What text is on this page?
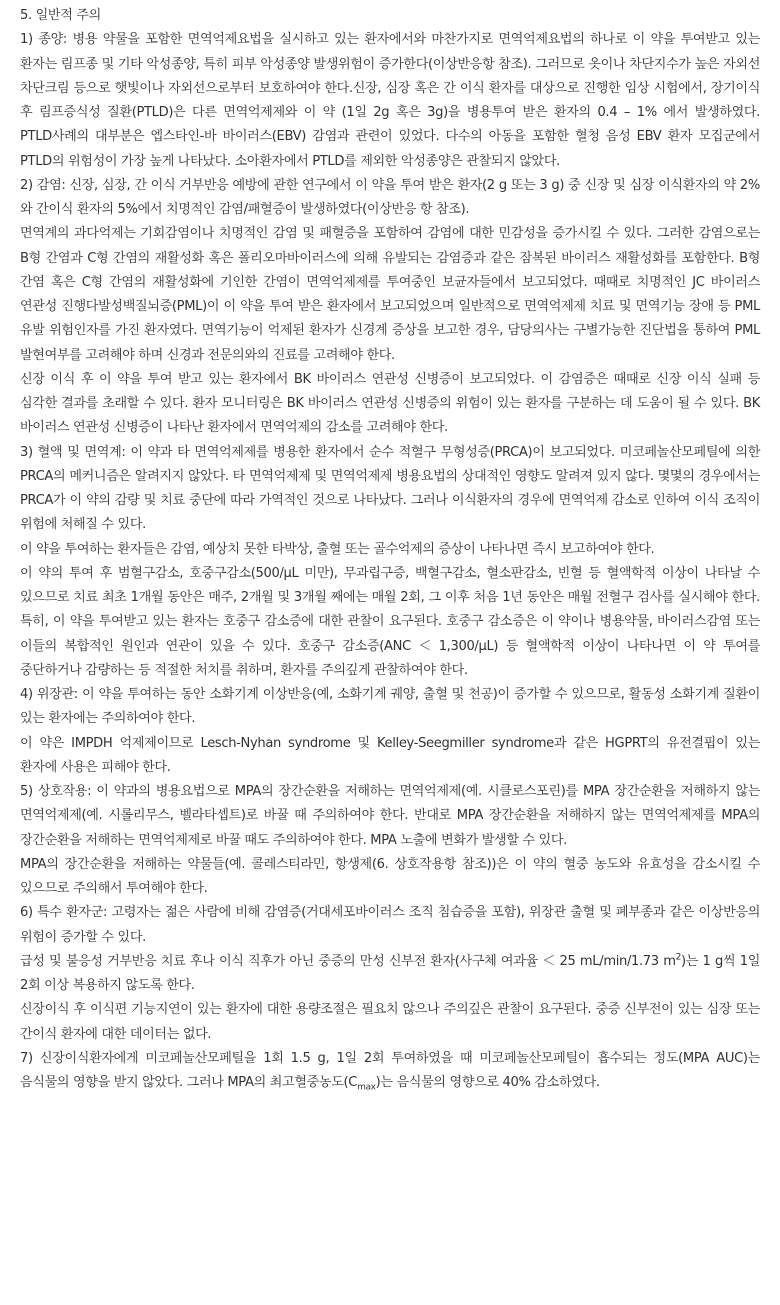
5. 일반적 주의

1) 종양: 병용 약물을 포함한 면역억제요법을 실시하고 있는 환자에서와 마찬가지로 면역억제요법의 하나로 이 약을 투여받고 있는 환자는 림프종 및 기타 악성종양, 특히 피부 악성종양 발생위험이 증가한다(이상반응항 참조). 그러므로 옷이나 차단지수가 높은 자외선 차단크림 등으로 햇빛이나 자외선으로부터 보호하여야 한다.신장, 심장 혹은 간 이식 환자를 대상으로 진행한 임상 시험에서, 장기이식 후 림프증식성 질환(PTLD)은 다른 면역억제제와 이 약 (1일 2g 혹은 3g)을 병용투여 받은 환자의 0.4 – 1% 에서 발생하였다. PTLD사례의 대부분은 엡스타인-바 바이러스(EBV) 감염과 관련이 있었다. 다수의 아동을 포함한 혈청 음성 EBV 환자 모집군에서 PTLD의 위험성이 가장 높게 나타났다. 소아환자에서 PTLD를 제외한 악성종양은 관찰되지 않았다.

2) 감염: 신장, 심장, 간 이식 거부반응 예방에 관한 연구에서 이 약을 투여 받은 환자(2 g 또는 3 g) 중 신장 및 심장 이식환자의 약 2%와 간이식 환자의 5%에서 치명적인 감염/패혈증이 발생하였다(이상반응 항 참조).

면역계의 과다억제는 기회감염이나 치명적인 감염 및 패혈증을 포함하여 감염에 대한 민감성을 증가시킬 수 있다. 그러한 감염으로는 B형 간염과 C형 간염의 재활성화 혹은 폴리오마바이러스에 의해 유발되는 감염증과 같은 잠복된 바이러스 재활성화를 포함한다. B형 간염 혹은 C형 간염의 재활성화에 기인한 간염이 면역억제제를 투여중인 보균자들에서 보고되었다. 때때로 치명적인 JC 바이러스 연관성 진행다발성백질뇌증(PML)이 이 약을 투여 받은 환자에서 보고되었으며 일반적으로 면역억제제 치료 및 면역기능 장애 등 PML 유발 위험인자를 가진 환자였다. 면역기능이 억제된 환자가 신경계 증상을 보고한 경우, 담당의사는 구별가능한 진단법을 통하여 PML 발현여부를 고려해야 하며 신경과 전문의와의 진료를 고려해야 한다.

신장 이식 후 이 약을 투여 받고 있는 환자에서 BK 바이러스 연관성 신병증이 보고되었다. 이 감염증은 때때로 신장 이식 실패 등 심각한 결과를 초래할 수 있다. 환자 모니터링은 BK 바이러스 연관성 신병증의 위험이 있는 환자를 구분하는 데 도움이 될 수 있다. BK 바이러스 연관성 신병증이 나타난 환자에서 면역억제의 감소를 고려해야 한다.

3) 혈액 및 면역계: 이 약과 타 면역억제제를 병용한 환자에서 순수 적혈구 무형성증(PRCA)이 보고되었다. 미코페놀산모페틸에 의한 PRCA의 메커니즘은 알려지지 않았다. 타 면역억제제 및 면역억제제 병용요법의 상대적인 영향도 알려져 있지 않다. 몇몇의 경우에서는 PRCA가 이 약의 감량 및 치료 중단에 따라 가역적인 것으로 나타났다. 그러나 이식환자의 경우에 면역억제 감소로 인하여 이식 조직이 위험에 처해질 수 있다.

이 약을 투여하는 환자들은 감염, 예상치 못한 타박상, 출혈 또는 골수억제의 증상이 나타나면 즉시 보고하여야 한다.

이 약의 투여 후 범혈구감소, 호중구감소(500/μL 미만), 무과립구증, 백혈구감소, 혈소판감소, 빈혈 등 혈액학적 이상이 나타날 수 있으므로 치료 최초 1개월 동안은 매주, 2개월 및 3개월 째에는 매월 2회, 그 이후 처음 1년 동안은 매월 전혈구 검사를 실시해야 한다. 특히, 이 약을 투여받고 있는 환자는 호중구 감소증에 대한 관찰이 요구된다. 호중구 감소증은 이 약이나 병용약물, 바이러스감염 또는 이들의 복합적인 원인과 연관이 있을 수 있다. 호중구 감소증(ANC ＜ 1,300/μL) 등 혈액학적 이상이 나타나면 이 약 투여를 중단하거나 감량하는 등 적절한 처치를 취하며, 환자를 주의깊게 관찰하여야 한다.

4) 위장관: 이 약을 투여하는 동안 소화기계 이상반응(예, 소화기계 궤양, 출혈 및 천공)이 증가할 수 있으므로, 활동성 소화기계 질환이 있는 환자에는 주의하여야 한다.

이 약은 IMPDH 억제제이므로 Lesch-Nyhan syndrome 및 Kelley-Seegmiller syndrome과 같은 HGPRT의 유전결핍이 있는 환자에 사용은 피해야 한다.

5) 상호작용: 이 약과의 병용요법으로 MPA의 장간순환을 저해하는 면역억제제(예. 시클로스포린)를 MPA 장간순환을 저해하지 않는 면역억제제(예. 시롤리무스, 벨라타셉트)로 바꿀 때 주의하여야 한다. 반대로 MPA 장간순환을 저해하지 않는 면역억제제를 MPA의 장간순환을 저해하는 면역억제제로 바꿀 때도 주의하여야 한다. MPA 노출에 변화가 발생할 수 있다.

MPA의 장간순환을 저해하는 약물들(예. 콜레스티라민, 항생제(6. 상호작용항 참조))은 이 약의 혈중 농도와 유효성을 감소시킬 수 있으므로 주의해서 투여해야 한다.

6) 특수 환자군: 고령자는 젊은 사람에 비해 감염증(거대세포바이러스 조직 침습증을 포함), 위장관 출혈 및 폐부종과 같은 이상반응의 위험이 증가할 수 있다.

급성 및 불응성 거부반응 치료 후나 이식 직후가 아닌 중증의 만성 신부전 환자(사구체 여과율 ＜ 25 mL/min/1.73 $m^2$)는 1 g씩 1일 2회 이상 복용하지 않도록 한다.

신장이식 후 이식편 기능지연이 있는 환자에 대한 용량조절은 필요치 않으나 주의깊은 관찰이 요구된다. 중증 신부전이 있는 심장 또는 간이식 환자에 대한 데이터는 없다.

7) 신장이식환자에게 미코페놀산모페틸을 1회 1.5 g, 1일 2회 투여하였을 때 미코페놀산모페틸이 흡수되는 정도(MPA AUC)는 음식물의 영향을 받지 않았다. 그러나 MPA의 최고혈중농도$(C_{max})$는 음식물의 영향으로 40% 감소하였다.
